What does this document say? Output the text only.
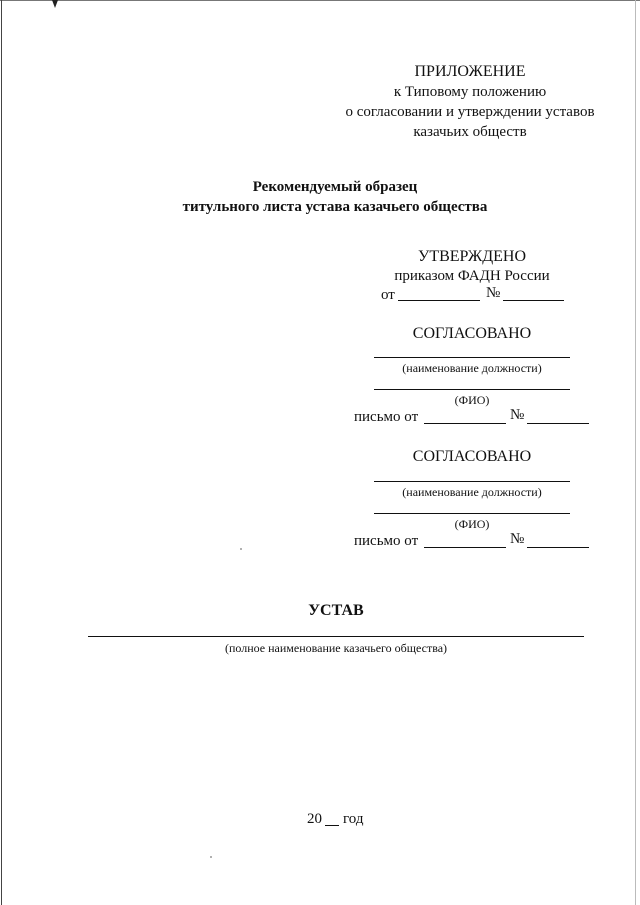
ПРИЛОЖЕНИЕ
к Типовому положению
о согласовании и утверждении уставов
казачьих обществ
Рекомендуемый образец
титульного листа устава казачьего общества
УТВЕРЖДЕНО
приказом ФАДН России
от	№
СОГЛАСОВАНО
(наименование должности)
(ФИО)
письмо от	№
СОГЛАСОВАНО
(наименование должности)
(ФИО)
письмо от	№
УСТАВ
(полное наименование казачьего общества)
20 год
